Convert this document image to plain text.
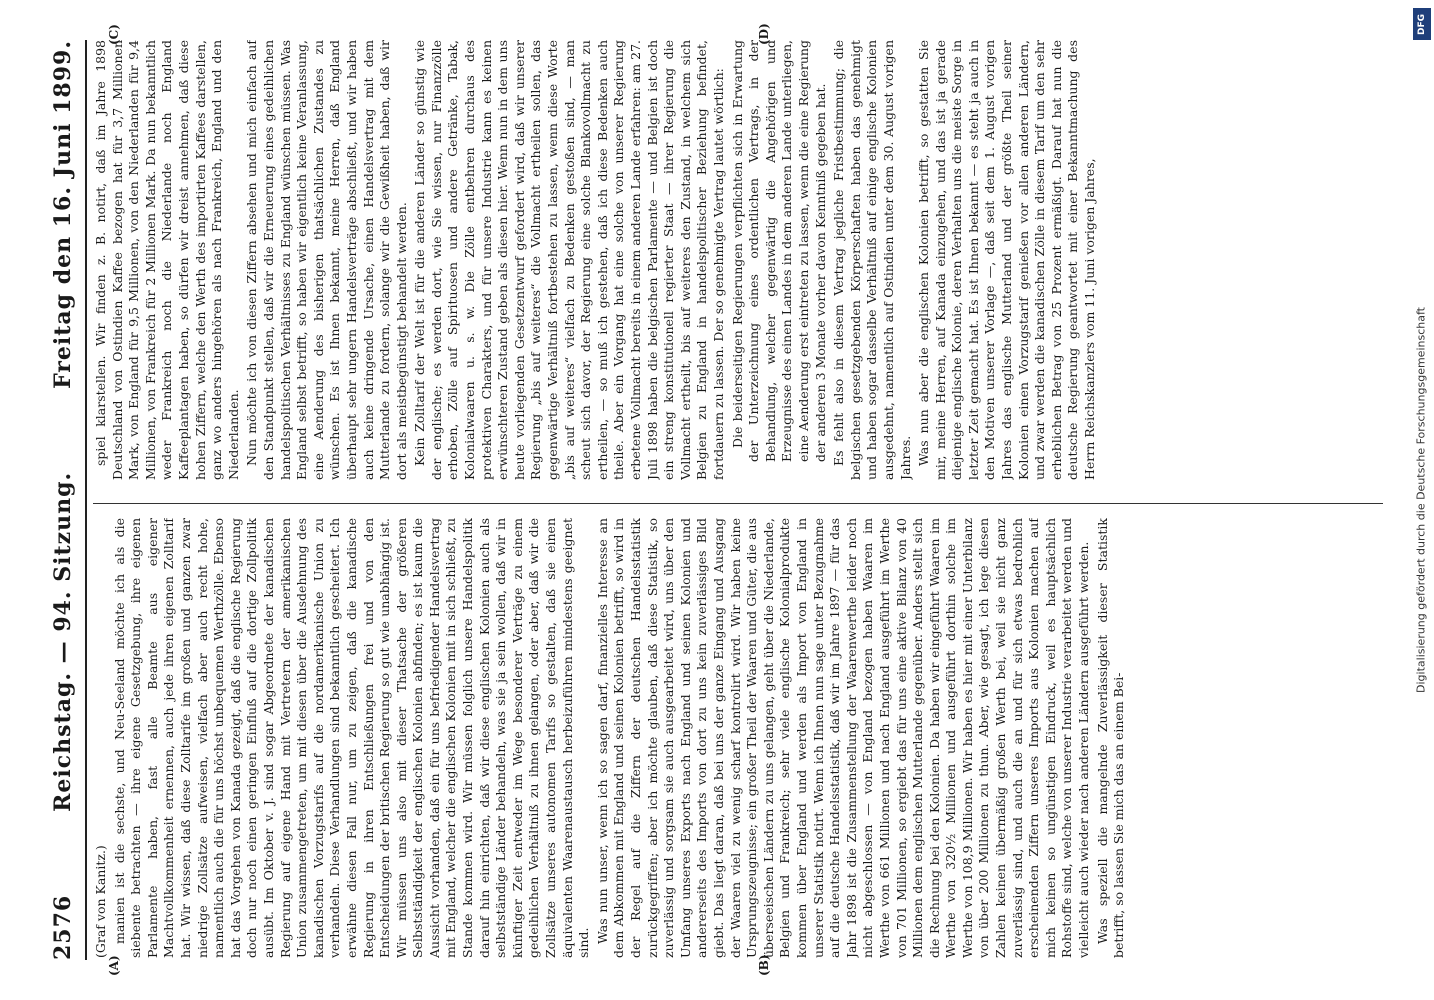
2576
Reichstag. — 94. Sitzung.
Freitag den 16. Juni 1899.

(Graf von Kanitz.) manien ist die sechste, und Neu-Seeland möchte ich als die siebente betrachten — ihre eigene Gesetzgebung, ihre eigenen Parlamente haben, fast alle Beamte aus eigener Machtvollkommenheit ernennen, auch jede ihren eigenen Zolltarif hat. Wir wissen, daß diese Zolltarife im großen und ganzen zwar niedrige Zollsätze aufweisen, vielfach aber auch recht hohe, namentlich auch die für uns höchst unbequemen Werthzölle. Ebenso hat das Vorgehen von Kanada gezeigt, daß die englische Regierung doch nur noch einen geringen Einfluß auf die dortige Zollpolitik ausübt. Im Oktober v. J. sind sogar Abgeordnete der kanadischen Regierung auf eigene Hand mit Vertretern der amerikanischen Union zusammengetreten, um mit diesen über die Ausdehnung des kanadischen Vorzugstarifs auf die nordamerikanische Union zu verhandeln. Diese Verhandlungen sind bekanntlich gescheitert. Ich erwähne diesen Fall nur, um zu zeigen, daß die kanadische Regierung in ihren Entschließungen frei und von den Entscheidungen der britischen Regierung so gut wie unabhängig ist. Wir müssen uns also mit dieser Thatsache der größeren Selbstständigkeit der englischen Kolonien abfinden; es ist kaum die Aussicht vorhanden, daß ein für uns befriedigender Handelsvertrag mit England, welcher die englischen Kolonien mit in sich schließt, zu Stande kommen wird. Wir müssen folglich unsere Handelspolitik darauf hin einrichten, daß wir diese englischen Kolonien auch als selbstständige Länder behandeln, was sie ja sein wollen, daß wir in künftiger Zeit entweder im Wege besonderer Verträge zu einem gedeihlichen Verhältniß zu ihnen gelangen, oder aber, daß wir die Zollsätze unseres autonomen Tarifs so gestalten, daß sie einen äquivalenten Waarenaustausch herbeizuführen mindestens geeignet sind. Was nun unser, wenn ich so sagen darf, finanzielles Interesse an dem Abkommen mit England und seinen Kolonien betrifft, so wird in der Regel auf die Ziffern der deutschen Handelsstatistik zurückgegriffen; aber ich möchte glauben, daß diese Statistik, so zuverlässig und sorgsam sie auch ausgearbeitet wird, uns über den Umfang unseres Exports nach England und seinen Kolonien und andererseits des Imports von dort zu uns kein zuverlässiges Bild giebt. Das liegt daran, daß bei uns der ganze Eingang und Ausgang der Waaren viel zu wenig scharf kontrolirt wird. Wir haben keine Ursprungszeugnisse; ein großer Theil der Waaren und Güter, die aus überseeischen Ländern zu uns gelangen, geht über die Niederlande, Belgien und Frankreich; sehr viele englische Kolonialprodukte kommen über England und werden als Import von England in unserer Statistik notirt. Wenn ich Ihnen nun sage unter Bezugnahme auf die deutsche Handelsstatistik, daß wir im Jahre 1897 — für das Jahr 1898 ist die Zusammenstellung der Waarenwerthe leider noch nicht abgeschlossen — von England bezogen haben Waaren im Werthe von 661 Millionen und nach England ausgeführt im Werthe von 701 Millionen, so ergiebt das für uns eine aktive Bilanz von 40 Millionen dem englischen Mutterlande gegenüber. Anders stellt sich die Rechnung bei den Kolonien. Da haben wir eingeführt Waaren im Werthe von 320½ Millionen und ausgeführt dorthin solche im Werthe von 108,9 Millionen. Wir haben es hier mit einer Unterbilanz von über 200 Millionen zu thun. Aber, wie gesagt, ich lege diesen Zahlen keinen übermäßig großen Werth bei, weil sie nicht ganz zuverlässig sind, und auch die an und für sich etwas bedrohlich erscheinenden Ziffern unseres Imports aus Kolonien machen auf mich keinen so ungünstigen Eindruck, weil es hauptsächlich Rohstoffe sind, welche von unserer Industrie verarbeitet werden und vielleicht auch wieder nach anderen Ländern ausgeführt werden. Was speziell die mangelnde Zuverlässigkeit dieser Statistik betrifft, so lassen Sie mich das an einem Bei-

spiel klarstellen. Wir finden z. B. notirt, daß im Jahre 1898 Deutschland von Ostindien Kaffee bezogen hat für 3,7 Millionen Mark, von England für 9,5 Millionen, von den Niederlanden für 9,4 Millionen, von Frankreich für 2 Millionen Mark. Da nun bekanntlich weder Frankreich noch die Niederlande noch England Kaffeeplantagen haben, so dürfen wir dreist annehmen, daß diese hohen Ziffern, welche den Werth des importirten Kaffees darstellen, ganz wo anders hingehören als nach Frankreich, England und den Niederlanden. Nun möchte ich von diesen Ziffern absehen und mich einfach auf den Standpunkt stellen, daß wir die Erneuerung eines gedeihlichen handelspolitischen Verhältnisses zu England wünschen müssen. Was England selbst betrifft, so haben wir eigentlich keine Veranlassung, eine Aenderung des bisherigen thatsächlichen Zustandes zu wünschen. Es ist Ihnen bekannt, meine Herren, daß England überhaupt sehr ungern Handelsverträge abschließt, und wir haben auch keine dringende Ursache, einen Handelsvertrag mit dem Mutterlande zu fordern, solange wir die Gewißheit haben, daß wir dort als meistbegünstigt behandelt werden. Kein Zolltarif der Welt ist für die anderen Länder so günstig wie der englische; es werden dort, wie Sie wissen, nur Finanzzölle erhoben, Zölle auf Spirituosen und andere Getränke, Tabak, Kolonialwaaren u. s. w. Die Zölle entbehren durchaus des protektiven Charakters, und für unsere Industrie kann es keinen erwünschteren Zustand geben als diesen hier. Wenn nun in dem uns heute vorliegenden Gesetzentwurf gefordert wird, daß wir unserer Regierung „bis auf weiteres“ die Vollmacht ertheilen sollen, das gegenwärtige Verhältniß fortbestehen zu lassen, wenn diese Worte „bis auf weiteres“ vielfach zu Bedenken gestoßen sind, — man scheut sich davor, der Regierung eine solche Blankovollmacht zu ertheilen, — so muß ich gestehen, daß ich diese Bedenken auch theile. Aber ein Vorgang hat eine solche von unserer Regierung erbetene Vollmacht bereits in einem anderen Lande erfahren: am 27. Juli 1898 haben die belgischen Parlamente — und Belgien ist doch ein streng konstitutionell regierter Staat — ihrer Regierung die Vollmacht ertheilt, bis auf weiteres den Zustand, in welchem sich Belgien zu England in handelspolitischer Beziehung befindet, fortdauern zu lassen. Der so genehmigte Vertrag lautet wörtlich: Die beiderseitigen Regierungen verpflichten sich in Erwartung der Unterzeichnung eines ordentlichen Vertrags, in der Behandlung, welcher gegenwärtig die Angehörigen und Erzeugnisse des einen Landes in dem anderen Lande unterliegen, eine Aenderung erst eintreten zu lassen, wenn die eine Regierung der anderen 3 Monate vorher davon Kenntniß gegeben hat. Es fehlt also in diesem Vertrag jegliche Fristbestimmung; die belgischen gesetzgebenden Körperschaften haben das genehmigt und haben sogar dasselbe Verhältniß auf einige englische Kolonien ausgedehnt, namentlich auf Ostindien unter dem 30. August vorigen Jahres. Was nun aber die englischen Kolonien betrifft, so gestatten Sie mir, meine Herren, auf Kanada einzugehen, und das ist ja gerade diejenige englische Kolonie, deren Verhalten uns die meiste Sorge in letzter Zeit gemacht hat. Es ist Ihnen bekannt — es steht ja auch in den Motiven unserer Vorlage —, daß seit dem 1. August vorigen Jahres das englische Mutterland und der größte Theil seiner Kolonien einen Vorzugstarif genießen vor allen anderen Ländern, und zwar werden die kanadischen Zölle in diesem Tarif um den sehr erheblichen Betrag von 25 Prozent ermäßigt. Darauf hat nun die deutsche Regierung geantwortet mit einer Bekanntmachung des Herrn Reichskanzlers vom 11. Juni vorigen Jahres,

(A)	(B)
(C)	(D)	DFG
Digitalisierung gefördert durch die Deutsche Forschungsgemeinschaft
